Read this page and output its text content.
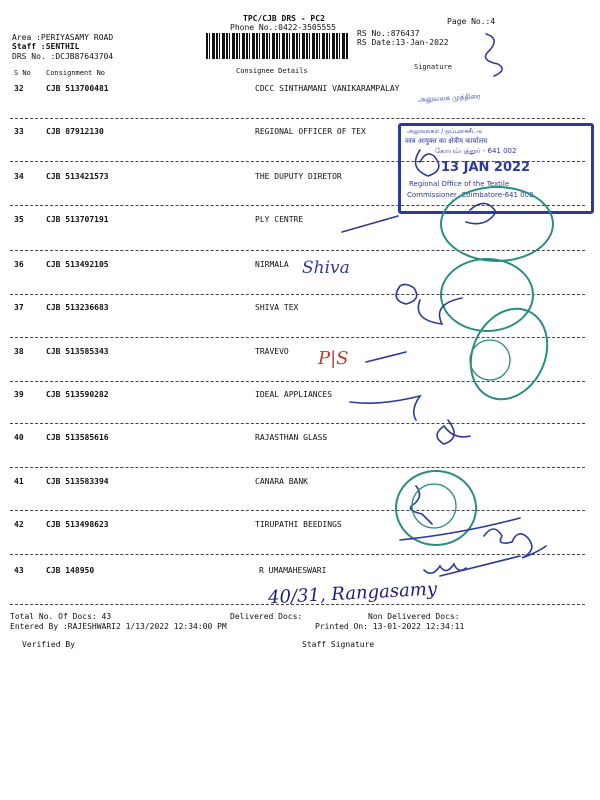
TPC/CJB DRS - PC2
Phone No.:0422-3505555
Page No.:4
RS No.:876437
RS Date:13-Jan-2022
Area :PERIYASAMY ROAD
Staff :SENTHIL
DRS No. :DCJB87643704
S No Consignment No	Consignee Details	Signature
32	CJB 513700481	CDCC SINTHAMANI VANIKARAMPALAY
33	CJB 87912130	REGIONAL OFFICER OF TEX
34	CJB 513421573	THE DUPUTY DIRETOR
35	CJB 513707191	PLY CENTRE
36	CJB 513492105	NIRMALA
37	CJB 513236683	SHIVA TEX
38	CJB 513585343	TRAVEVO
39	CJB 513590282	IDEAL APPLIANCES
40	CJB 513585616	RAJASTHAN GLASS
41	CJB 513583394	CANARA BANK
42	CJB 513498623	TIRUPATHI BEEDINGS
43	CJB 148950	R UMAMAHESWARI
Total No. Of Docs: 43	Delivered Docs:	Non Delivered Docs:
Entered By :RAJESHWARI2 1/13/2022 12:34:00 PM	Printed On: 13-01-2022 12:34:11
Verified By	Staff Signature
அலுவலகம் / ஒப்புகைசீட்டு
वस्त्र आयुक्त का क्षेत्रीय कार्यालय
கோயம்புத்தூர் - 641 002
13 JAN 2022
Regional Office of the Textile
Commissioner, Coimbatore-641 002
அலுவலக முத்திரை
Shiva
P|S
40/31, Rangasamy
